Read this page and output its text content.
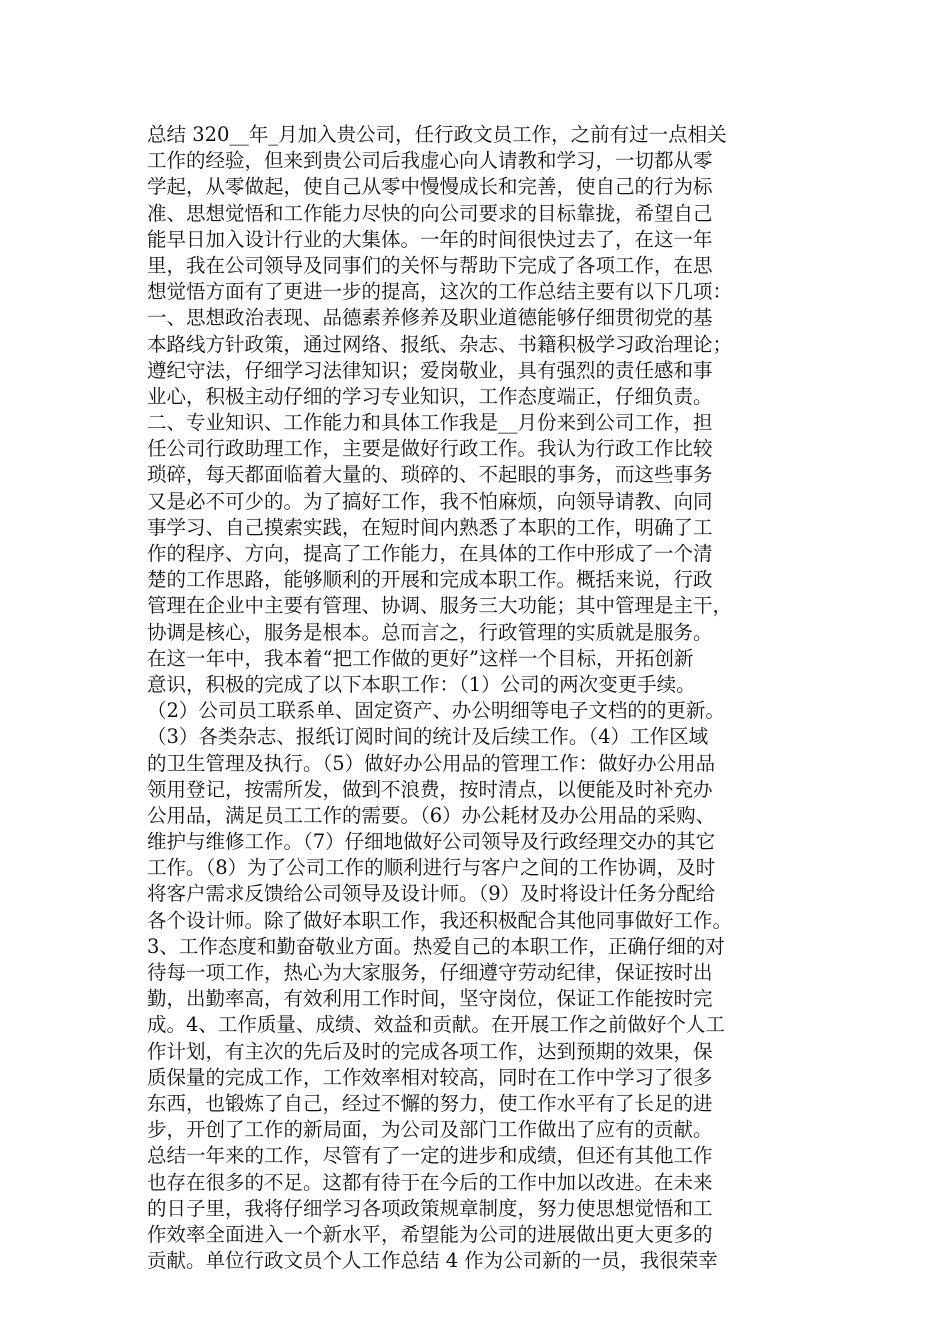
总结 320__年_月加入贵公司，任行政文员工作，之前有过一点相关
工作的经验，但来到贵公司后我虚心向人请教和学习，一切都从零
学起，从零做起，使自己从零中慢慢成长和完善，使自己的行为标
准、思想觉悟和工作能力尽快的向公司要求的目标靠拢，希望自己
能早日加入设计行业的大集体。一年的时间很快过去了，在这一年
里，我在公司领导及同事们的关怀与帮助下完成了各项工作，在思
想觉悟方面有了更进一步的提高，这次的工作总结主要有以下几项：
一、思想政治表现、品德素养修养及职业道德能够仔细贯彻党的基
本路线方针政策，通过网络、报纸、杂志、书籍积极学习政治理论；
遵纪守法，仔细学习法律知识；爱岗敬业，具有强烈的责任感和事
业心，积极主动仔细的学习专业知识，工作态度端正，仔细负责。
二、专业知识、工作能力和具体工作我是__月份来到公司工作，担
任公司行政助理工作，主要是做好行政工作。我认为行政工作比较
琐碎，每天都面临着大量的、琐碎的、不起眼的事务，而这些事务
又是必不可少的。为了搞好工作，我不怕麻烦，向领导请教、向同
事学习、自己摸索实践，在短时间内熟悉了本职的工作，明确了工
作的程序、方向，提高了工作能力，在具体的工作中形成了一个清
楚的工作思路，能够顺利的开展和完成本职工作。概括来说，行政
管理在企业中主要有管理、协调、服务三大功能；其中管理是主干，
协调是核心，服务是根本。总而言之，行政管理的实质就是服务。
在这一年中，我本着“把工作做的更好”这样一个目标，开拓创新
意识，积极的完成了以下本职工作：（1）公司的两次变更手续。
（2）公司员工联系单、固定资产、办公明细等电子文档的的更新。
（3）各类杂志、报纸订阅时间的统计及后续工作。（4）工作区域
的卫生管理及执行。（5）做好办公用品的管理工作：做好办公用品
领用登记，按需所发，做到不浪费，按时清点，以便能及时补充办
公用品，满足员工工作的需要。（6）办公耗材及办公用品的采购、
维护与维修工作。（7）仔细地做好公司领导及行政经理交办的其它
工作。（8）为了公司工作的顺利进行与客户之间的工作协调，及时
将客户需求反馈给公司领导及设计师。（9）及时将设计任务分配给
各个设计师。除了做好本职工作，我还积极配合其他同事做好工作。
3、工作态度和勤奋敬业方面。热爱自己的本职工作，正确仔细的对
待每一项工作，热心为大家服务，仔细遵守劳动纪律，保证按时出
勤，出勤率高，有效利用工作时间，坚守岗位，保证工作能按时完
成。4、工作质量、成绩、效益和贡献。在开展工作之前做好个人工
作计划，有主次的先后及时的完成各项工作，达到预期的效果，保
质保量的完成工作，工作效率相对较高，同时在工作中学习了很多
东西，也锻炼了自己，经过不懈的努力，使工作水平有了长足的进
步，开创了工作的新局面，为公司及部门工作做出了应有的贡献。
总结一年来的工作，尽管有了一定的进步和成绩，但还有其他工作
也存在很多的不足。这都有待于在今后的工作中加以改进。在未来
的日子里，我将仔细学习各项政策规章制度，努力使思想觉悟和工
作效率全面进入一个新水平，希望能为公司的进展做出更大更多的
贡献。单位行政文员个人工作总结 4 作为公司新的一员，我很荣幸
